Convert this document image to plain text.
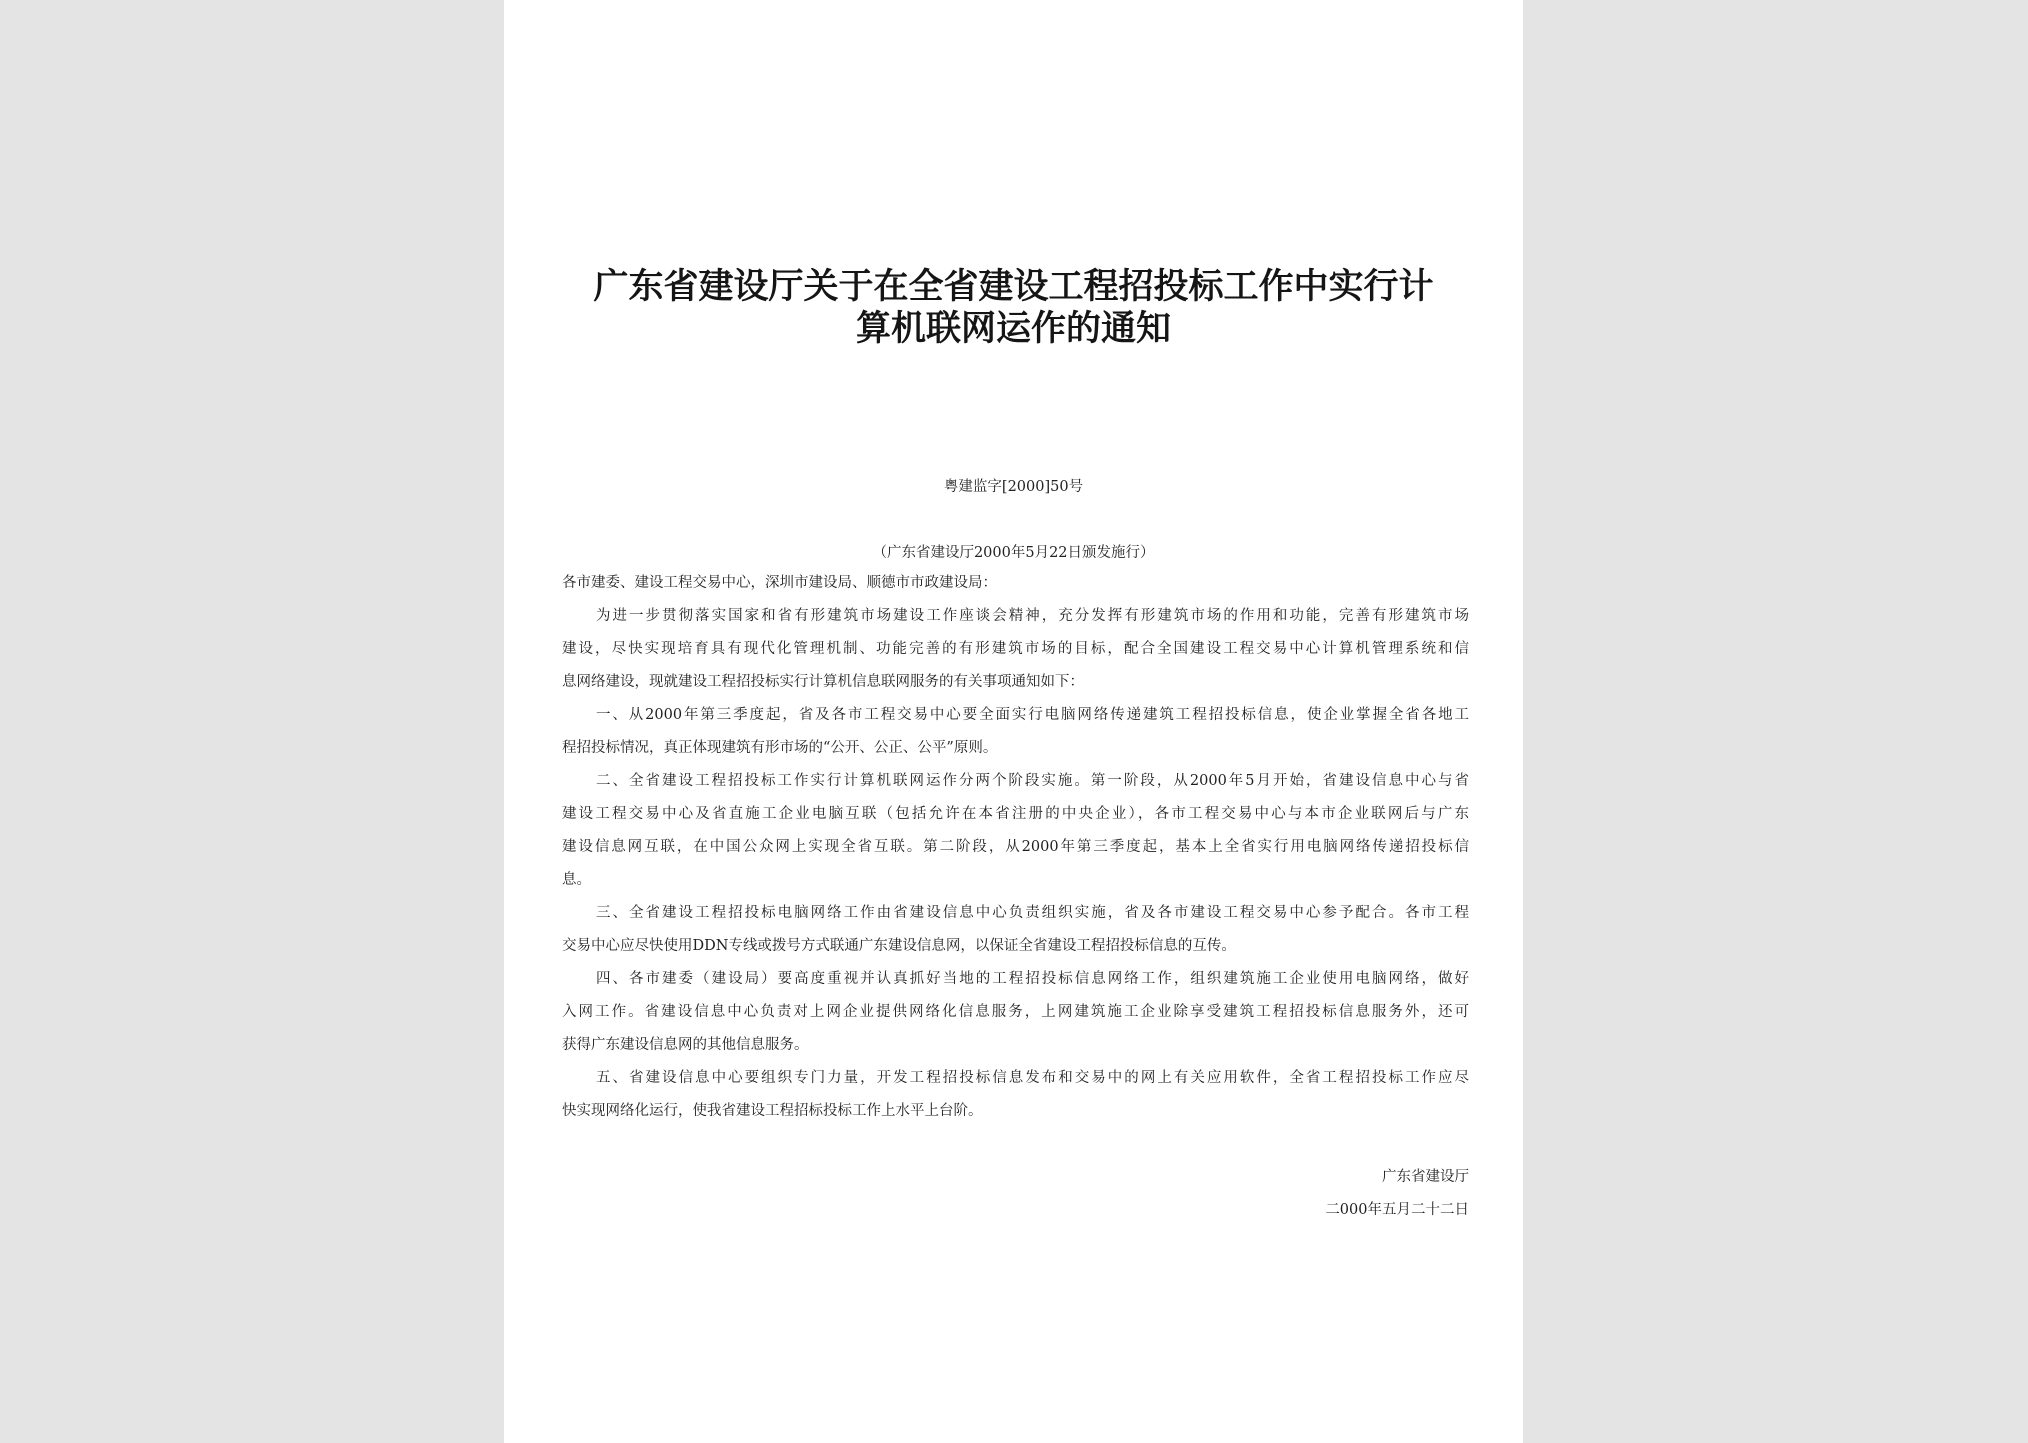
广东省建设厅关于在全省建设工程招投标工作中实行计
算机联网运作的通知
粤建监字[2000]50号
（广东省建设厅2000年5月22日颁发施行）
各市建委、建设工程交易中心，深圳市建设局、顺德市市政建设局：
为进一步贯彻落实国家和省有形建筑市场建设工作座谈会精神，充分发挥有形建筑市场的作用和功能，完善有形建筑市场
建设，尽快实现培育具有现代化管理机制、功能完善的有形建筑市场的目标，配合全国建设工程交易中心计算机管理系统和信
息网络建设，现就建设工程招投标实行计算机信息联网服务的有关事项通知如下：
一、从2000年第三季度起，省及各市工程交易中心要全面实行电脑网络传递建筑工程招投标信息，使企业掌握全省各地工
程招投标情况，真正体现建筑有形市场的“公开、公正、公平”原则。
二、全省建设工程招投标工作实行计算机联网运作分两个阶段实施。第一阶段，从2000年5月开始，省建设信息中心与省
建设工程交易中心及省直施工企业电脑互联（包括允许在本省注册的中央企业），各市工程交易中心与本市企业联网后与广东
建设信息网互联，在中国公众网上实现全省互联。第二阶段，从2000年第三季度起，基本上全省实行用电脑网络传递招投标信
息。
三、全省建设工程招投标电脑网络工作由省建设信息中心负责组织实施，省及各市建设工程交易中心参予配合。各市工程
交易中心应尽快使用DDN专线或拨号方式联通广东建设信息网，以保证全省建设工程招投标信息的互传。
四、各市建委（建设局）要高度重视并认真抓好当地的工程招投标信息网络工作，组织建筑施工企业使用电脑网络，做好
入网工作。省建设信息中心负责对上网企业提供网络化信息服务，上网建筑施工企业除享受建筑工程招投标信息服务外，还可
获得广东建设信息网的其他信息服务。
五、省建设信息中心要组织专门力量，开发工程招投标信息发布和交易中的网上有关应用软件，全省工程招投标工作应尽
快实现网络化运行，使我省建设工程招标投标工作上水平上台阶。
广东省建设厅
二000年五月二十二日
